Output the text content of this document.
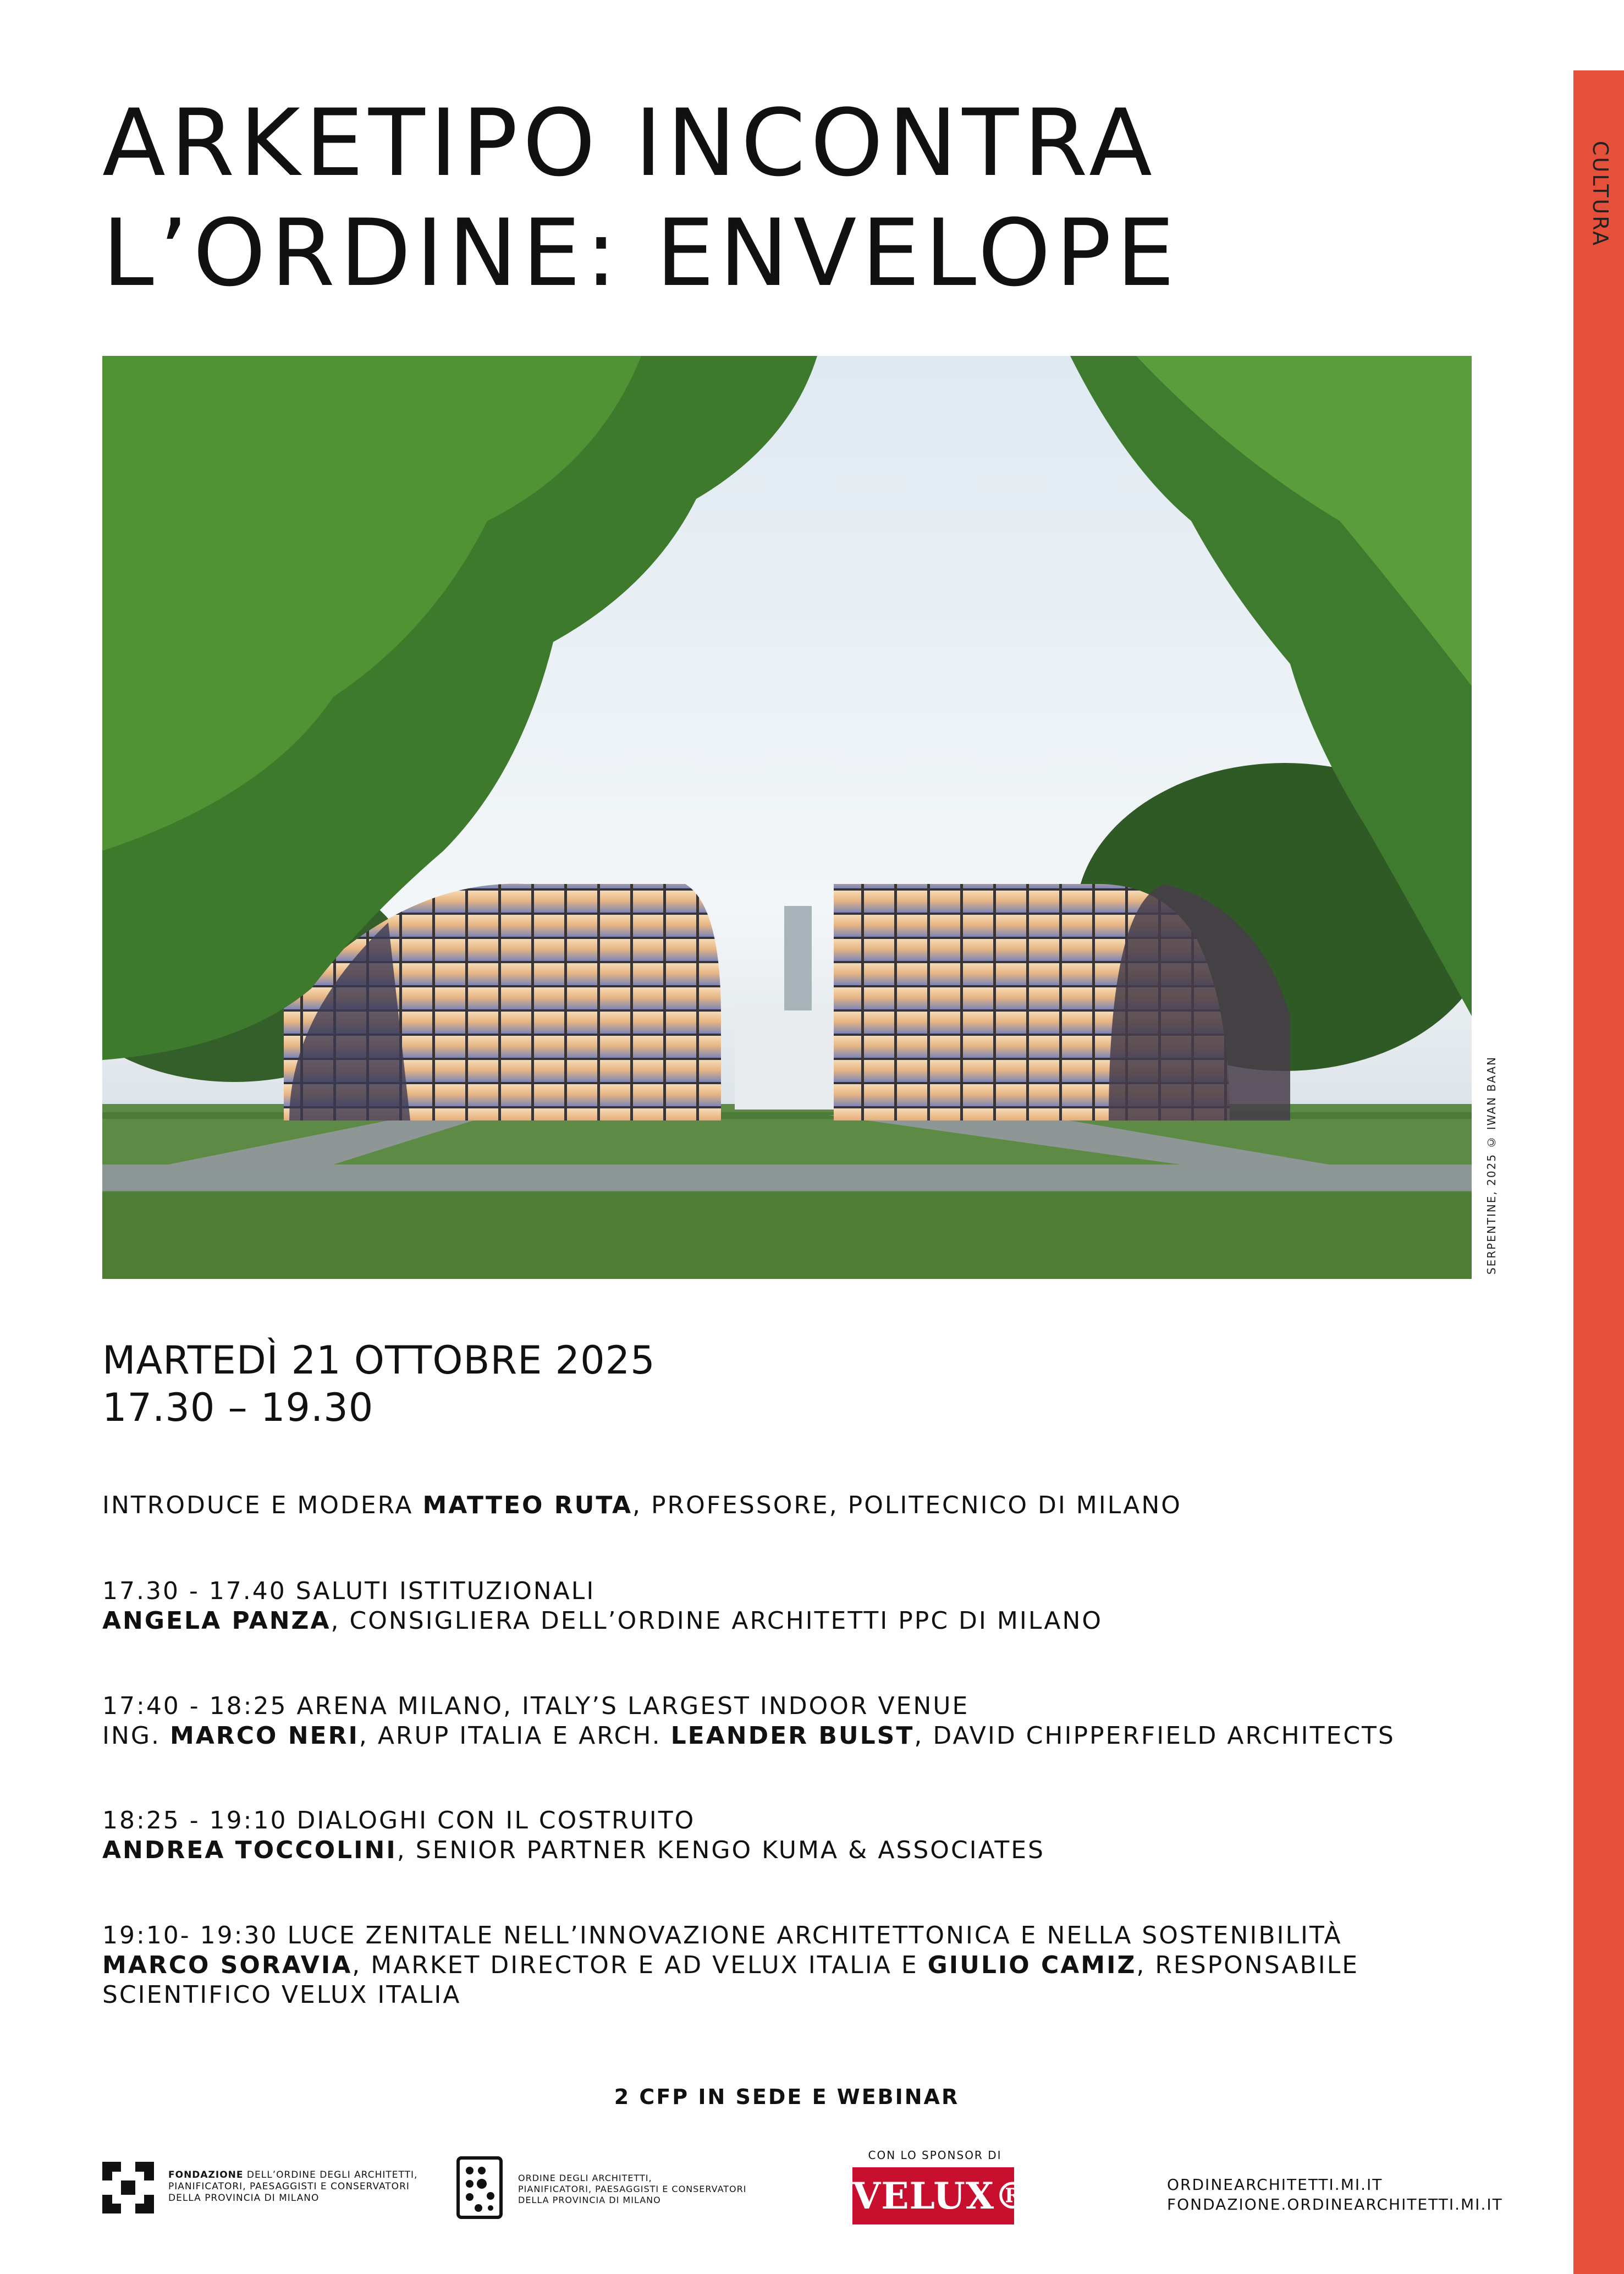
CULTURA
ARKETIPO INCONTRA
L’ORDINE: ENVELOPE
SERPENTINE, 2025 © IWAN BAAN
MARTEDÌ 21 OTTOBRE 2025
17.30 – 19.30
INTRODUCE E MODERA MATTEO RUTA, PROFESSORE, POLITECNICO DI MILANO
17.30 - 17.40 SALUTI ISTITUZIONALI
ANGELA PANZA, CONSIGLIERA DELL’ORDINE ARCHITETTI PPC DI MILANO
17:40 - 18:25 ARENA MILANO, ITALY’S LARGEST INDOOR VENUE
ING. MARCO NERI, ARUP ITALIA E ARCH. LEANDER BULST, DAVID CHIPPERFIELD ARCHITECTS
18:25 - 19:10 DIALOGHI CON IL COSTRUITO
ANDREA TOCCOLINI, SENIOR PARTNER KENGO KUMA & ASSOCIATES
19:10- 19:30 LUCE ZENITALE NELL’INNOVAZIONE ARCHITETTONICA E NELLA SOSTENIBILITÀ
MARCO SORAVIA, MARKET DIRECTOR E AD VELUX ITALIA E GIULIO CAMIZ, RESPONSABILE
SCIENTIFICO VELUX ITALIA
2 CFP IN SEDE E WEBINAR
FONDAZIONE DELL’ORDINE DEGLI ARCHITETTI,
PIANIFICATORI, PAESAGGISTI E CONSERVATORI
DELLA PROVINCIA DI MILANO
ORDINE DEGLI ARCHITETTI,
PIANIFICATORI, PAESAGGISTI E CONSERVATORI
DELLA PROVINCIA DI MILANO
CON LO SPONSOR DI
VELUX®	ORDINEARCHITETTI.MI.IT
FONDAZIONE.ORDINEARCHITETTI.MI.IT
